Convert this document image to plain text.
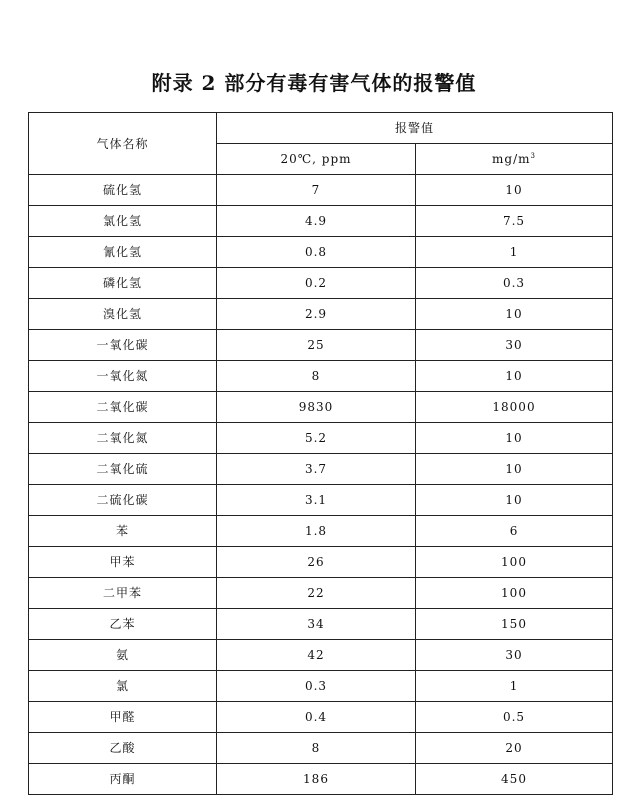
附录 2 部分有毒有害气体的报警值
气体名称	报警值	
	20℃, ppm	$mg/m^3$
硫化氢	7	10
氯化氢	4.9	7.5
氰化氢	0.8	1
磷化氢	0.2	0.3
溴化氢	2.9	10
一氧化碳	25	30
一氧化氮	8	10
二氧化碳	9830	18000
二氧化氮	5.2	10
二氧化硫	3.7	10
二硫化碳	3.1	10
苯	1.8	6
甲苯	26	100
二甲苯	22	100
乙苯	34	150
氨	42	30
氯	0.3	1
甲醛	0.4	0.5
乙酸	8	20
丙酮	186	450
